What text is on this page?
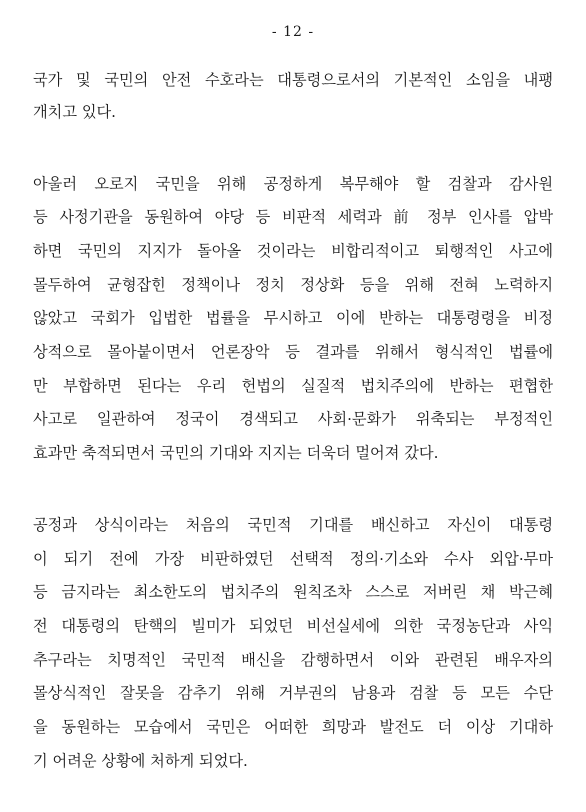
- 12 -
국가 및 국민의 안전 수호라는 대통령으로서의 기본적인 소임을 내팽
개치고 있다.
아울러 오로지 국민을 위해 공정하게 복무해야 할 검찰과 감사원
등 사정기관을 동원하여 야당 등 비판적 세력과 前 정부 인사를 압박
하면 국민의 지지가 돌아올 것이라는 비합리적이고 퇴행적인 사고에
몰두하여 균형잡힌 정책이나 정치 정상화 등을 위해 전혀 노력하지
않았고 국회가 입법한 법률을 무시하고 이에 반하는 대통령령을 비정
상적으로 몰아붙이면서 언론장악 등 결과를 위해서 형식적인 법률에
만 부합하면 된다는 우리 헌법의 실질적 법치주의에 반하는 편협한
사고로 일관하여 정국이 경색되고 사회·문화가 위축되는 부정적인
효과만 축적되면서 국민의 기대와 지지는 더욱더 멀어져 갔다.
공정과 상식이라는 처음의 국민적 기대를 배신하고 자신이 대통령
이 되기 전에 가장 비판하였던 선택적 정의·기소와 수사 외압·무마
등 금지라는 최소한도의 법치주의 원칙조차 스스로 저버린 채 박근혜
전 대통령의 탄핵의 빌미가 되었던 비선실세에 의한 국정농단과 사익
추구라는 치명적인 국민적 배신을 감행하면서 이와 관련된 배우자의
몰상식적인 잘못을 감추기 위해 거부권의 남용과 검찰 등 모든 수단
을 동원하는 모습에서 국민은 어떠한 희망과 발전도 더 이상 기대하
기 어려운 상황에 처하게 되었다.
